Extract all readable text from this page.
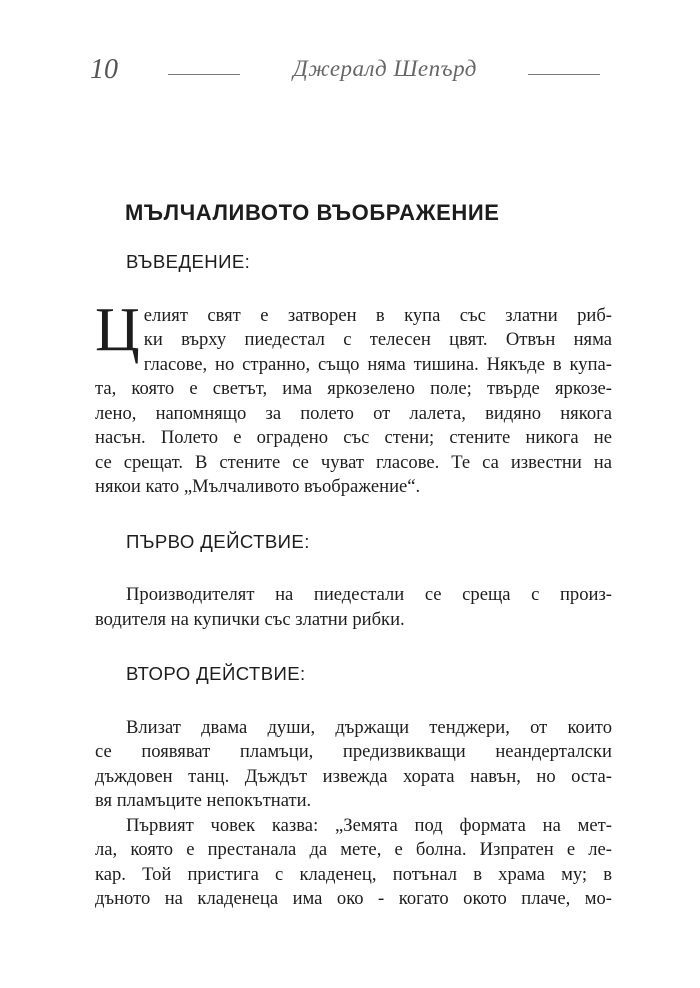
10	Джералд Шепърд
МЪЛЧАЛИВОТО ВЪОБРАЖЕНИЕ
ВЪВЕДЕНИЕ:
Ц елият свят е затворен в купа със златни риб-
ки върху пиедестал с телесен цвят. Отвън няма
гласове, но странно, също няма тишина. Някъде в купа-
та, която е светът, има яркозелено поле; твърде яркозе-
лено, напомнящо за полето от лалета, видяно някога
насън. Полето е оградено със стени; стените никога не
се срещат. В стените се чуват гласове. Те са известни на
някои като „Мълчаливото въображение“.
ПЪРВО ДЕЙСТВИЕ:
Производителят на пиедестали се среща с произ-
водителя на купички със златни рибки.
ВТОРО ДЕЙСТВИЕ:
Влизат двама души, държащи тенджери, от които
се появяват пламъци, предизвикващи неандерталски
дъждовен танц. Дъждът извежда хората навън, но оста-
вя пламъците непокътнати.
Първият човек казва: „Земята под формата на мет-
ла, която е престанала да мете, е болна. Изпратен е ле-
кар. Той пристига с кладенец, потънал в храма му; в
дъното на кладенеца има око - когато окото плаче, мо-
